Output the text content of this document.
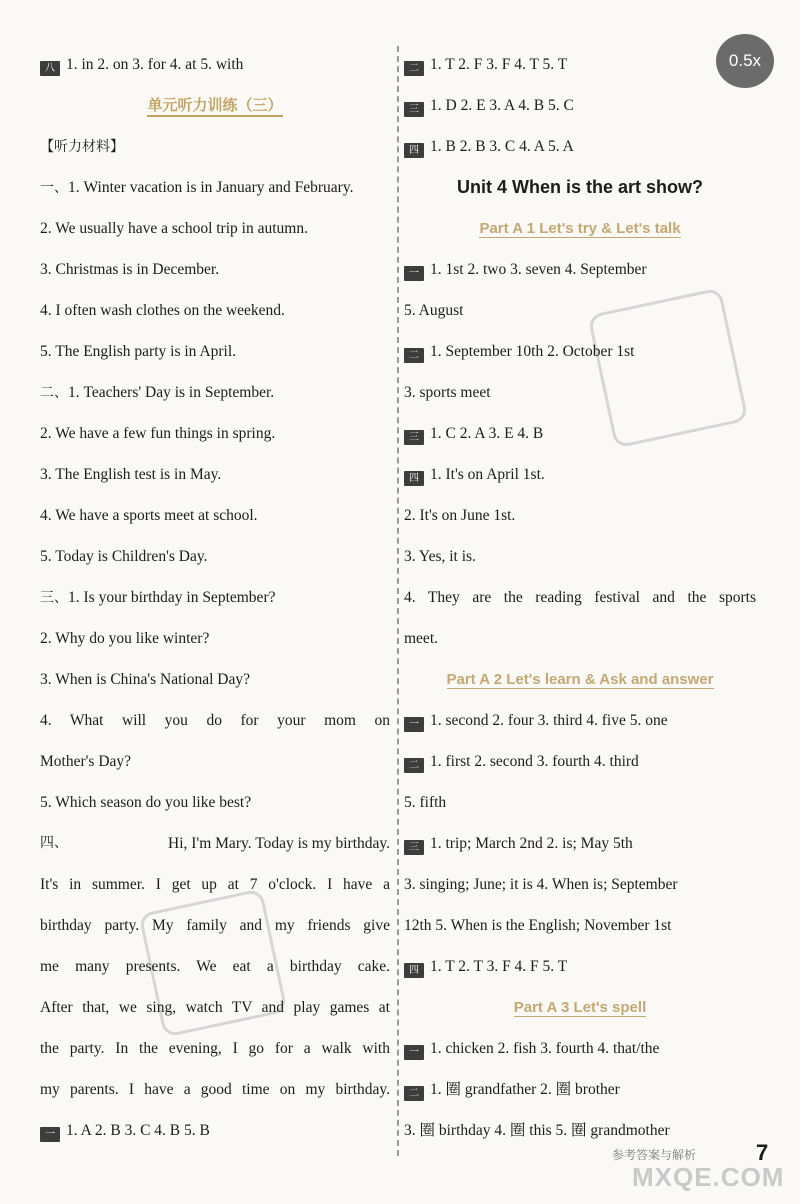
0.5x
八 1. in 2. on 3. for 4. at 5. with
单元听力训练（三）
【听力材料】
一、1. Winter vacation is in January and February.
2. We usually have a school trip in autumn.
3. Christmas is in December.
4. I often wash clothes on the weekend.
5. The English party is in April.
二、1. Teachers' Day is in September.
2. We have a few fun things in spring.
3. The English test is in May.
4. We have a sports meet at school.
5. Today is Children's Day.
三、1. Is your birthday in September?
2. Why do you like winter?
3. When is China's National Day?
4. What will you do for your mom on
Mother's Day?
5. Which season do you like best?
四、	Hi, I'm Mary. Today is my birthday.
It's in summer. I get up at 7 o'clock. I have a
birthday party. My family and my friends give
me many presents. We eat a birthday cake.
After that, we sing, watch TV and play games at
the party. In the evening, I go for a walk with
my parents. I have a good time on my birthday.
一 1. A 2. B 3. C 4. B 5. B
二 1. T 2. F 3. F 4. T 5. T
三 1. D 2. E 3. A 4. B 5. C
四 1. B 2. B 3. C 4. A 5. A
Unit 4 When is the art show?
Part A 1 Let's try & Let's talk
一 1. 1st 2. two 3. seven 4. September
5. August
二 1. September 10th 2. October 1st
3. sports meet
三 1. C 2. A 3. E 4. B
四 1. It's on April 1st.
2. It's on June 1st.
3. Yes, it is.
4. They are the reading festival and the sports
meet.
Part A 2 Let's learn & Ask and answer
一 1. second 2. four 3. third 4. five 5. one
二 1. first 2. second 3. fourth 4. third
5. fifth
三 1. trip; March 2nd 2. is; May 5th
3. singing; June; it is 4. When is; September
12th 5. When is the English; November 1st
四 1. T 2. T 3. F 4. F 5. T
Part A 3 Let's spell
一 1. chicken 2. fish 3. fourth 4. that/the
二 1. 圈 grandfather 2. 圈 brother
3. 圈 birthday 4. 圈 this 5. 圈 grandmother
参考答案与解析	7
MXQE.COM
